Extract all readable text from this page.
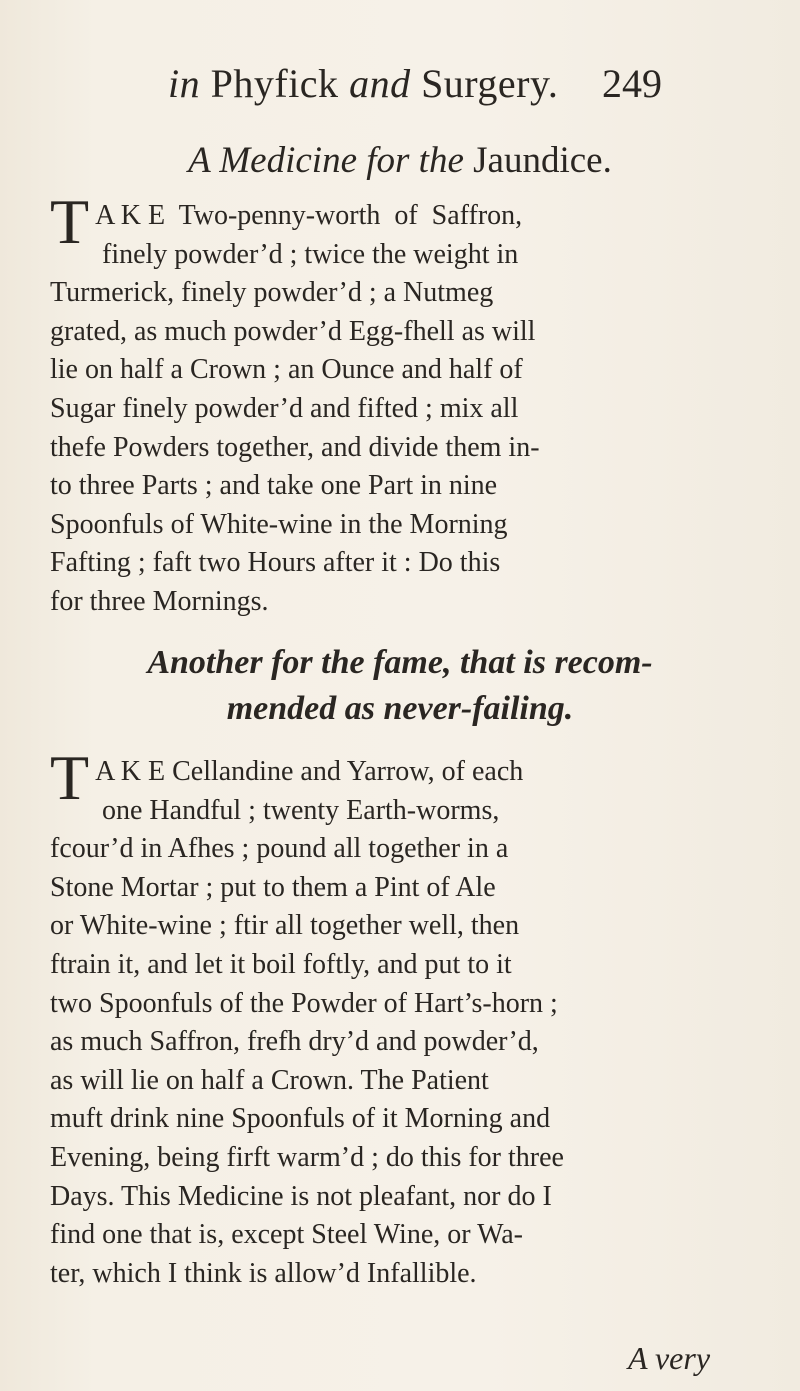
in Phyfick and Surgery. 249
A Medicine for the Jaundice.
T A K E  Two-penny-worth  of  Saffron,
finely powder’d ; twice the weight in
Turmerick, finely powder’d ; a Nutmeg
grated, as much powder’d Egg-fhell as will
lie on half a Crown ; an Ounce and half of
Sugar finely powder’d and fifted ; mix all
thefe Powders together, and divide them in-
to three Parts ; and take one Part in nine
Spoonfuls of White-wine in the Morning
Fafting ; faft two Hours after it : Do this
for three Mornings.
Another for the fame, that is recom-
mended as never-failing.
T A K E Cellandine and Yarrow, of each
one Handful ; twenty Earth-worms,
fcour’d in Afhes ; pound all together in a
Stone Mortar ; put to them a Pint of Ale
or White-wine ; ftir all together well, then
ftrain it, and let it boil foftly, and put to it
two Spoonfuls of the Powder of Hart’s-horn ;
as much Saffron, frefh dry’d and powder’d,
as will lie on half a Crown. The Patient
muft drink nine Spoonfuls of it Morning and
Evening, being firft warm’d ; do this for three
Days. This Medicine is not pleafant, nor do I
find one that is, except Steel Wine, or Wa-
ter, which I think is allow’d Infallible.
A very
